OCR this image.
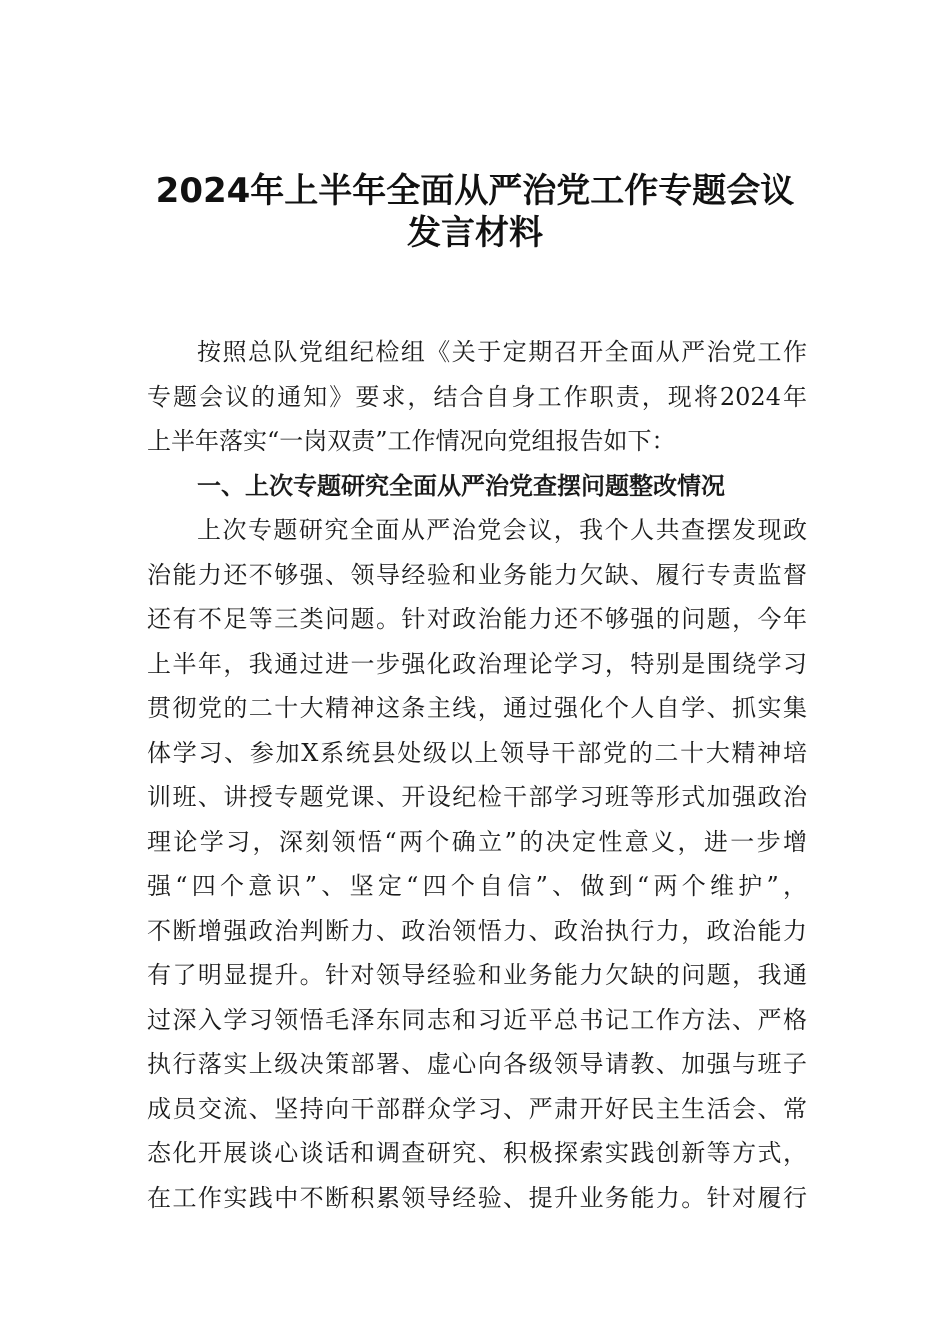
2024年上半年全面从严治党工作专题会议
发言材料
按照总队党组纪检组《关于定期召开全面从严治党工作
专题会议的通知》要求，结合自身工作职责，现将2024年
上半年落实“一岗双责”工作情况向党组报告如下：
一、上次专题研究全面从严治党查摆问题整改情况
上次专题研究全面从严治党会议，我个人共查摆发现政
治能力还不够强、领导经验和业务能力欠缺、履行专责监督
还有不足等三类问题。针对政治能力还不够强的问题，今年
上半年，我通过进一步强化政治理论学习，特别是围绕学习
贯彻党的二十大精神这条主线，通过强化个人自学、抓实集
体学习、参加X系统县处级以上领导干部党的二十大精神培
训班、讲授专题党课、开设纪检干部学习班等形式加强政治
理论学习，深刻领悟“两个确立”的决定性意义，进一步增
强“四个意识”、坚定“四个自信”、做到“两个维护”，
不断增强政治判断力、政治领悟力、政治执行力，政治能力
有了明显提升。针对领导经验和业务能力欠缺的问题，我通
过深入学习领悟毛泽东同志和习近平总书记工作方法、严格
执行落实上级决策部署、虚心向各级领导请教、加强与班子
成员交流、坚持向干部群众学习、严肃开好民主生活会、常
态化开展谈心谈话和调查研究、积极探索实践创新等方式，
在工作实践中不断积累领导经验、提升业务能力。针对履行
